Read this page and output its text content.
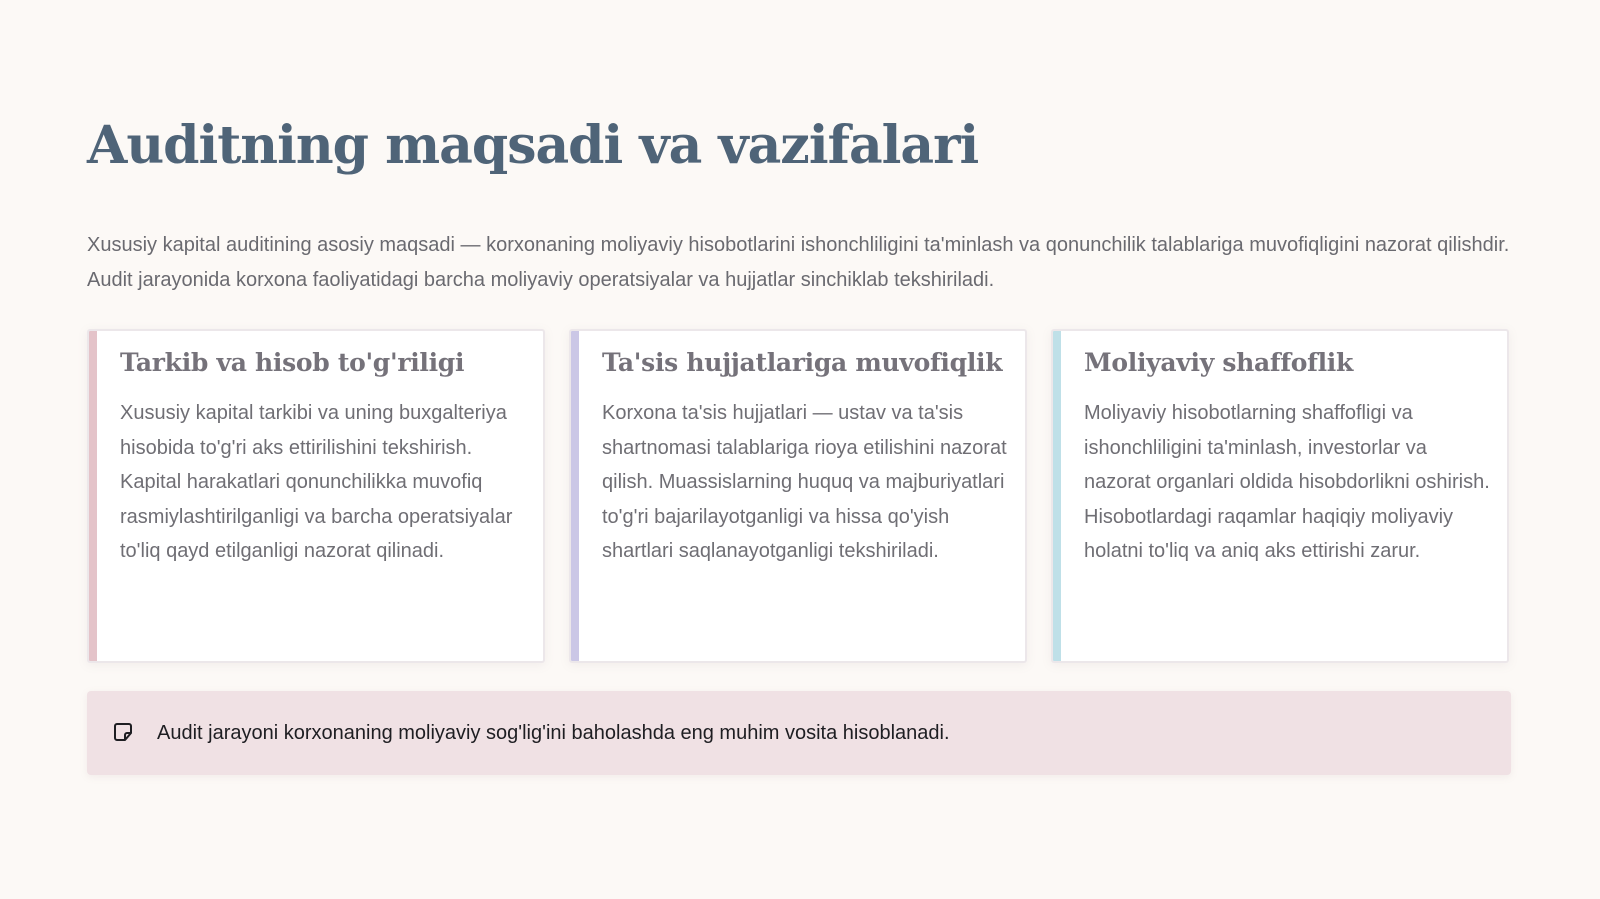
Auditning maqsadi va vazifalari

Xususiy kapital auditining asosiy maqsadi — korxonaning moliyaviy hisobotlarini ishonchliligini ta'minlash va qonunchilik talablariga muvofiqligini nazorat qilishdir. Audit jarayonida korxona faoliyatidagi barcha moliyaviy operatsiyalar va hujjatlar sinchiklab tekshiriladi.

Tarkib va hisob to'g'riligi

Xususiy kapital tarkibi va uning buxgalteriya hisobida to'g'ri aks ettirilishini tekshirish. Kapital harakatlari qonunchilikka muvofiq rasmiylashtirilganligi va barcha operatsiyalar to'liq qayd etilganligi nazorat qilinadi.

Ta'sis hujjatlariga muvofiqlik

Korxona ta'sis hujjatlari — ustav va ta'sis shartnomasi talablariga rioya etilishini nazorat qilish. Muassislarning huquq va majburiyatlari to'g'ri bajarilayotganligi va hissa qo'yish shartlari saqlanayotganligi tekshiriladi.

Moliyaviy shaffoflik

Moliyaviy hisobotlarning shaffofligi va ishonchliligini ta'minlash, investorlar va nazorat organlari oldida hisobdorlikni oshirish. Hisobotlardagi raqamlar haqiqiy moliyaviy holatni to'liq va aniq aks ettirishi zarur.

Audit jarayoni korxonaning moliyaviy sog'lig'ini baholashda eng muhim vosita hisoblanadi.
